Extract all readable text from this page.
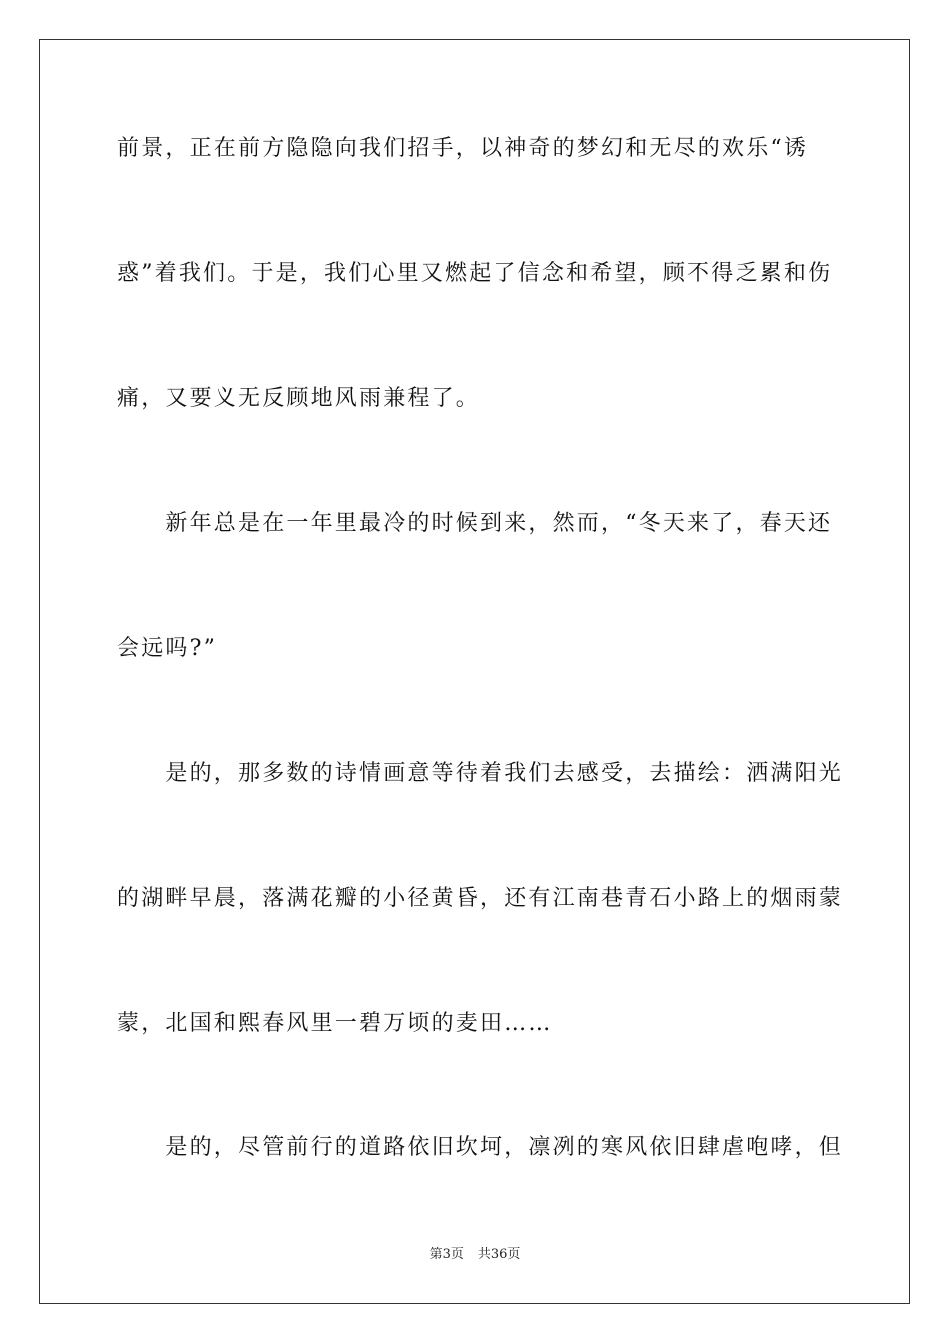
前景，正在前方隐隐向我们招手，以神奇的梦幻和无尽的欢乐“诱
惑”着我们。于是，我们心里又燃起了信念和希望，顾不得乏累和伤
痛，又要义无反顾地风雨兼程了。
　　新年总是在一年里最冷的时候到来，然而，“冬天来了，春天还
会远吗?”
　　是的，那多数的诗情画意等待着我们去感受，去描绘：洒满阳光
的湖畔早晨，落满花瓣的小径黄昏，还有江南巷青石小路上的烟雨蒙
蒙，北国和熙春风里一碧万顷的麦田……
　　是的，尽管前行的道路依旧坎坷，凛冽的寒风依旧肆虐咆哮，但
第3页 共36页
